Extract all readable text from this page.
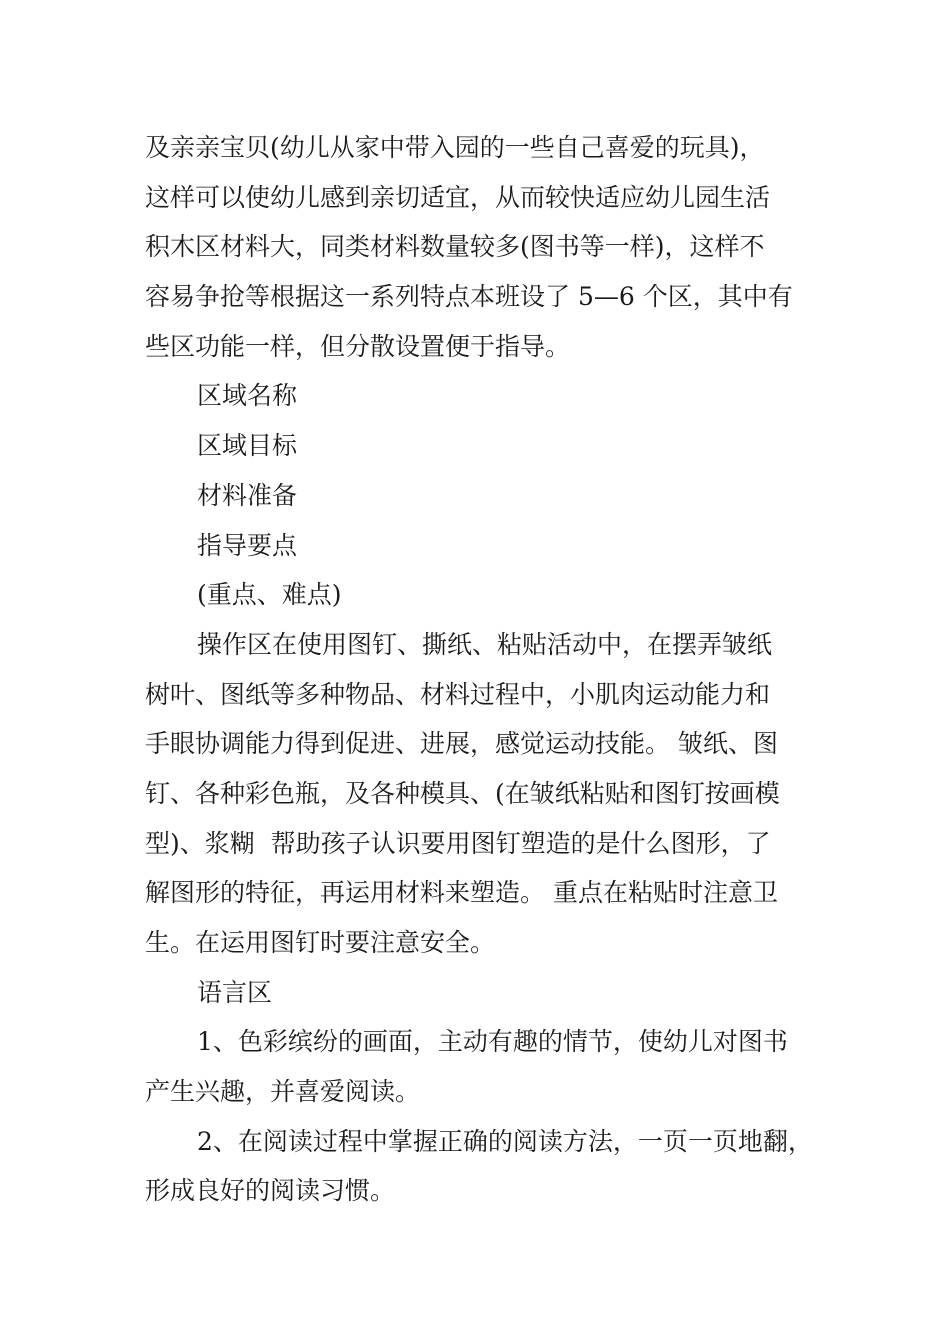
及亲亲宝贝(幼儿从家中带入园的一些自己喜爱的玩具)，
这样可以使幼儿感到亲切适宜，从而较快适应幼儿园生活
积木区材料大，同类材料数量较多(图书等一样)，这样不
容易争抢等根据这一系列特点本班设了 5—6 个区，其中有
些区功能一样，但分散设置便于指导。
区域名称
区域目标
材料准备
指导要点
(重点、难点)
操作区在使用图钉、撕纸、粘贴活动中，在摆弄皱纸
树叶、图纸等多种物品、材料过程中，小肌肉运动能力和
手眼协调能力得到促进、进展，感觉运动技能。 皱纸、图
钉、各种彩色瓶，及各种模具、(在皱纸粘贴和图钉按画模
型)、浆糊  帮助孩子认识要用图钉塑造的是什么图形，了
解图形的特征，再运用材料来塑造。 重点在粘贴时注意卫
生。在运用图钉时要注意安全。
语言区
1、色彩缤纷的画面，主动有趣的情节，使幼儿对图书
产生兴趣，并喜爱阅读。
2、在阅读过程中掌握正确的阅读方法，一页一页地翻，
形成良好的阅读习惯。
